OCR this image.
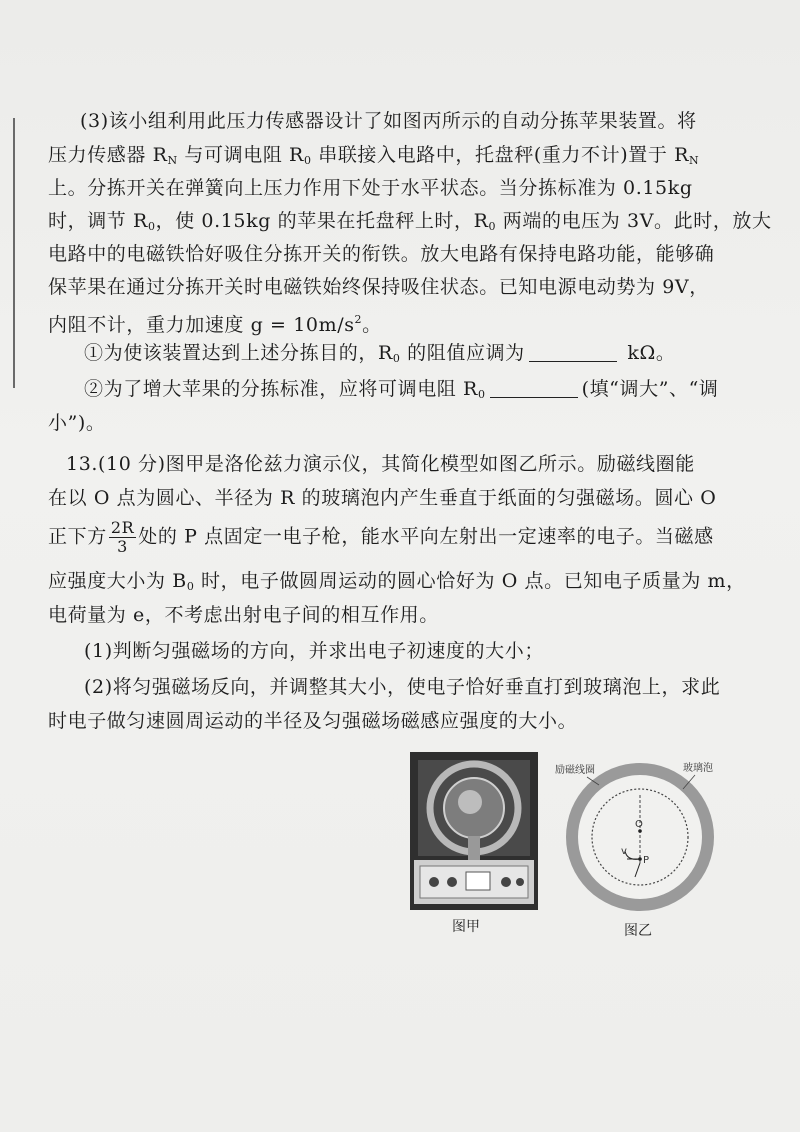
(3)该小组利用此压力传感器设计了如图丙所示的自动分拣苹果装置。将
压力传感器 $R_N$ 与可调电阻 $R_0$ 串联接入电路中，托盘秤(重力不计)置于 $R_N$
上。分拣开关在弹簧向上压力作用下处于水平状态。当分拣标准为 0.15kg
时，调节 $R_0$，使 0.15kg 的苹果在托盘秤上时，$R_0$ 两端的电压为 3V。此时，放大
电路中的电磁铁恰好吸住分拣开关的衔铁。放大电路有保持电路功能，能够确
保苹果在通过分拣开关时电磁铁始终保持吸住状态。已知电源电动势为 9V，
内阻不计，重力加速度 $g = 10m/s^2$。
①为使该装置达到上述分拣目的，$R_0$ 的阻值应调为	kΩ。
②为了增大苹果的分拣标准，应将可调电阻 $R_0$	(填“调大”、“调
小”)。
13.(10 分)图甲是洛伦兹力演示仪，其简化模型如图乙所示。励磁线圈能
在以 O 点为圆心、半径为 R 的玻璃泡内产生垂直于纸面的匀强磁场。圆心 O
正下方 $\frac{2R}{3}$ 处的 P 点固定一电子枪，能水平向左射出一定速率的电子。当磁感
应强度大小为 $B_0$ 时，电子做圆周运动的圆心恰好为 O 点。已知电子质量为 m，
电荷量为 e，不考虑出射电子间的相互作用。
(1)判断匀强磁场的方向，并求出电子初速度的大小；
(2)将匀强磁场反向，并调整其大小，使电子恰好垂直打到玻璃泡上，求此
时电子做匀速圆周运动的半径及匀强磁场磁感应强度的大小。
图甲
O
P
v
励磁线圈	玻璃泡
图乙
